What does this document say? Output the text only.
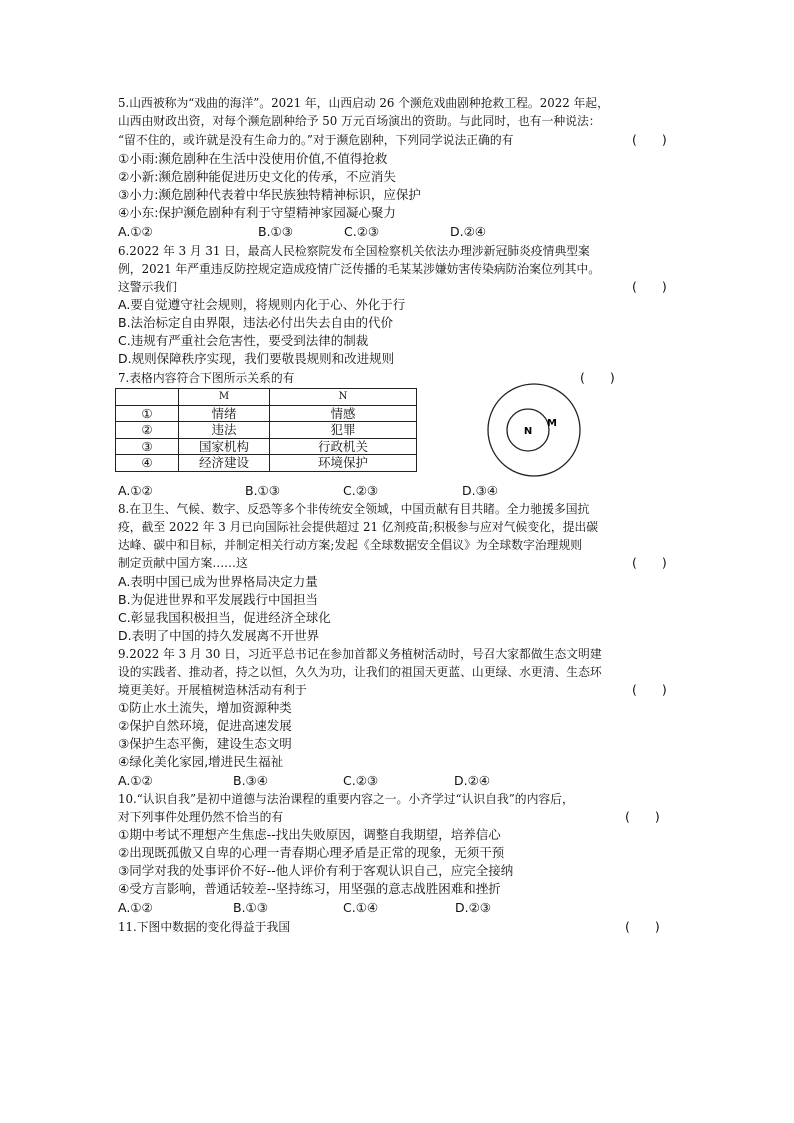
5.山西被称为“戏曲的海洋”。2021 年，山西启动 26 个濒危戏曲剧种抢救工程。2022 年起，
山西由财政出资，对每个濒危剧种给予 50 万元百场演出的资助。与此同时，也有一种说法：
“留不住的，或许就是没有生命力的。”对于濒危剧种，下列同学说法正确的有	(　　)
①小雨:濒危剧种在生活中没使用价值,不值得抢救
②小新:濒危剧种能促进历史文化的传承，不应消失
③小力:濒危剧种代表着中华民族独特精神标识，应保护
④小东:保护濒危剧种有利于守望精神家园凝心聚力
A.①②	B.①③	C.②③	D.②④
6.2022 年 3 月 31 日，最高人民检察院发布全国检察机关依法办理涉新冠肺炎疫情典型案
例，2021 年严重违反防控规定造成疫情广泛传播的毛某某涉嫌妨害传染病防治案位列其中。
这警示我们	(　　)
A.要自觉遵守社会规则，将规则内化于心、外化于行
B.法治标定自由界限，违法必付出失去自由的代价
C.违规有严重社会危害性，要受到法律的制裁
D.规则保障秩序实现，我们要敬畏规则和改进规则
7.表格内容符合下图所示关系的有	(　　)
	M	N
①	情绪	情感
②	违法	犯罪
③	国家机构	行政机关
④	经济建设	环境保护
N
M
A.①②	B.①③	C.②③	D.③④
8.在卫生、气候、数字、反恐等多个非传统安全领域，中国贡献有目共睹。全力驰援多国抗
疫，截至 2022 年 3 月已向国际社会提供超过 21 亿剂疫苗;积极参与应对气候变化，提出碳
达峰、碳中和目标，并制定相关行动方案;发起《全球数据安全倡议》为全球数字治理规则
制定贡献中国方案……这	(　　)
A.表明中国已成为世界格局决定力量
B.为促进世界和平发展践行中国担当
C.彰显我国积极担当，促进经济全球化
D.表明了中国的持久发展离不开世界
9.2022 年 3 月 30 日，习近平总书记在参加首都义务植树活动时，号召大家都做生态文明建
设的实践者、推动者，持之以恒，久久为功，让我们的祖国天更蓝、山更绿、水更清、生态环
境更美好。开展植树造林活动有利于	(　　)
①防止水土流失，增加资源种类
②保护自然环境，促进高速发展
③保护生态平衡，建设生态文明
④绿化美化家园,增进民生福祉
A.①②	B.③④	C.②③	D.②④
10.“认识自我”是初中道德与法治课程的重要内容之一。小齐学过“认识自我”的内容后，
对下列事件处理仍然不恰当的有	(　　)
①期中考试不理想产生焦虑--找出失败原因，调整自我期望，培养信心
②出现既孤傲又自卑的心理一青春期心理矛盾是正常的现象，无须干预
③同学对我的处事评价不好--他人评价有利于客观认识自己，应完全接纳
④受方言影响，普通话较差--坚持练习，用坚强的意志战胜困难和挫折
A.①②	B.①③	C.①④	D.②③
11.下图中数据的变化得益于我国	(　　)
